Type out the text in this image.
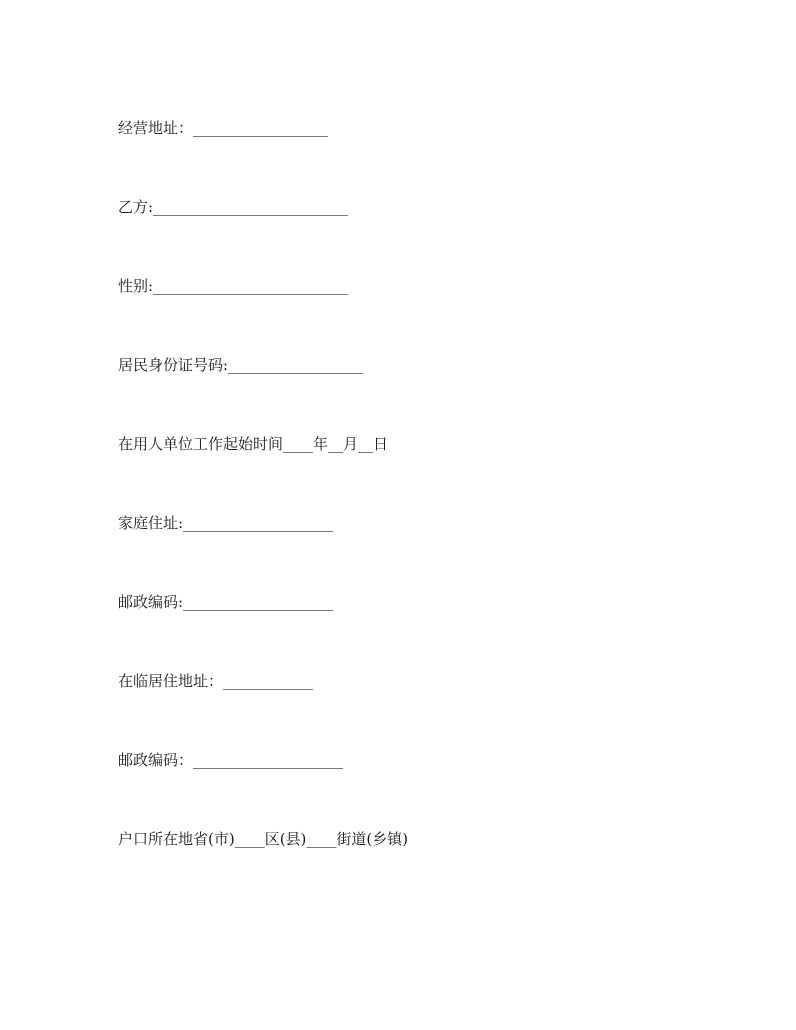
经营地址：__________________
乙方:__________________________
性别:__________________________
居民身份证号码:__________________
在用人单位工作起始时间____年__月__日
家庭住址:____________________
邮政编码:____________________
在临居住地址：____________
邮政编码：____________________
户口所在地省(市)____区(县)____街道(乡镇)
